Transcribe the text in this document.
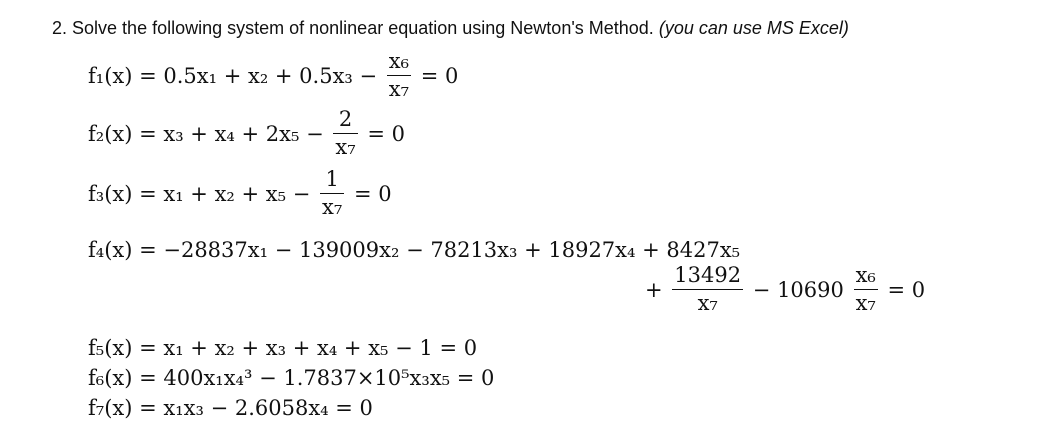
2. Solve the following system of nonlinear equation using Newton's Method. (you can use MS Excel)
$f_1(x) = 0.5x_1 + x_2 + 0.5x_3 - \frac{\text{x₆}}{\text{x₇}} = 0$
$f_2(x) = x_3 + x_4 + 2x_5 - \frac{2}{\text{x₇}} = 0$
$f_3(x) = x_1 + x_2 + x_5 - \frac{1}{\text{x₇}} = 0$
f₄(x) = −28837x₁ − 139009x₂ − 78213x₃ + 18927x₄ + 8427x₅
+ $\frac{13492}{\text{x₇}} - 10690 \frac{\text{x₆}}{\text{x₇}} = 0$
f₅(x) = x₁ + x₂ + x₃ + x₄ + x₅ − 1 = 0
f₆(x) = 400x₁x₄³ − 1.7837×10⁵x₃x₅ = 0
f₇(x) = x₁x₃ − 2.6058x₄ = 0
